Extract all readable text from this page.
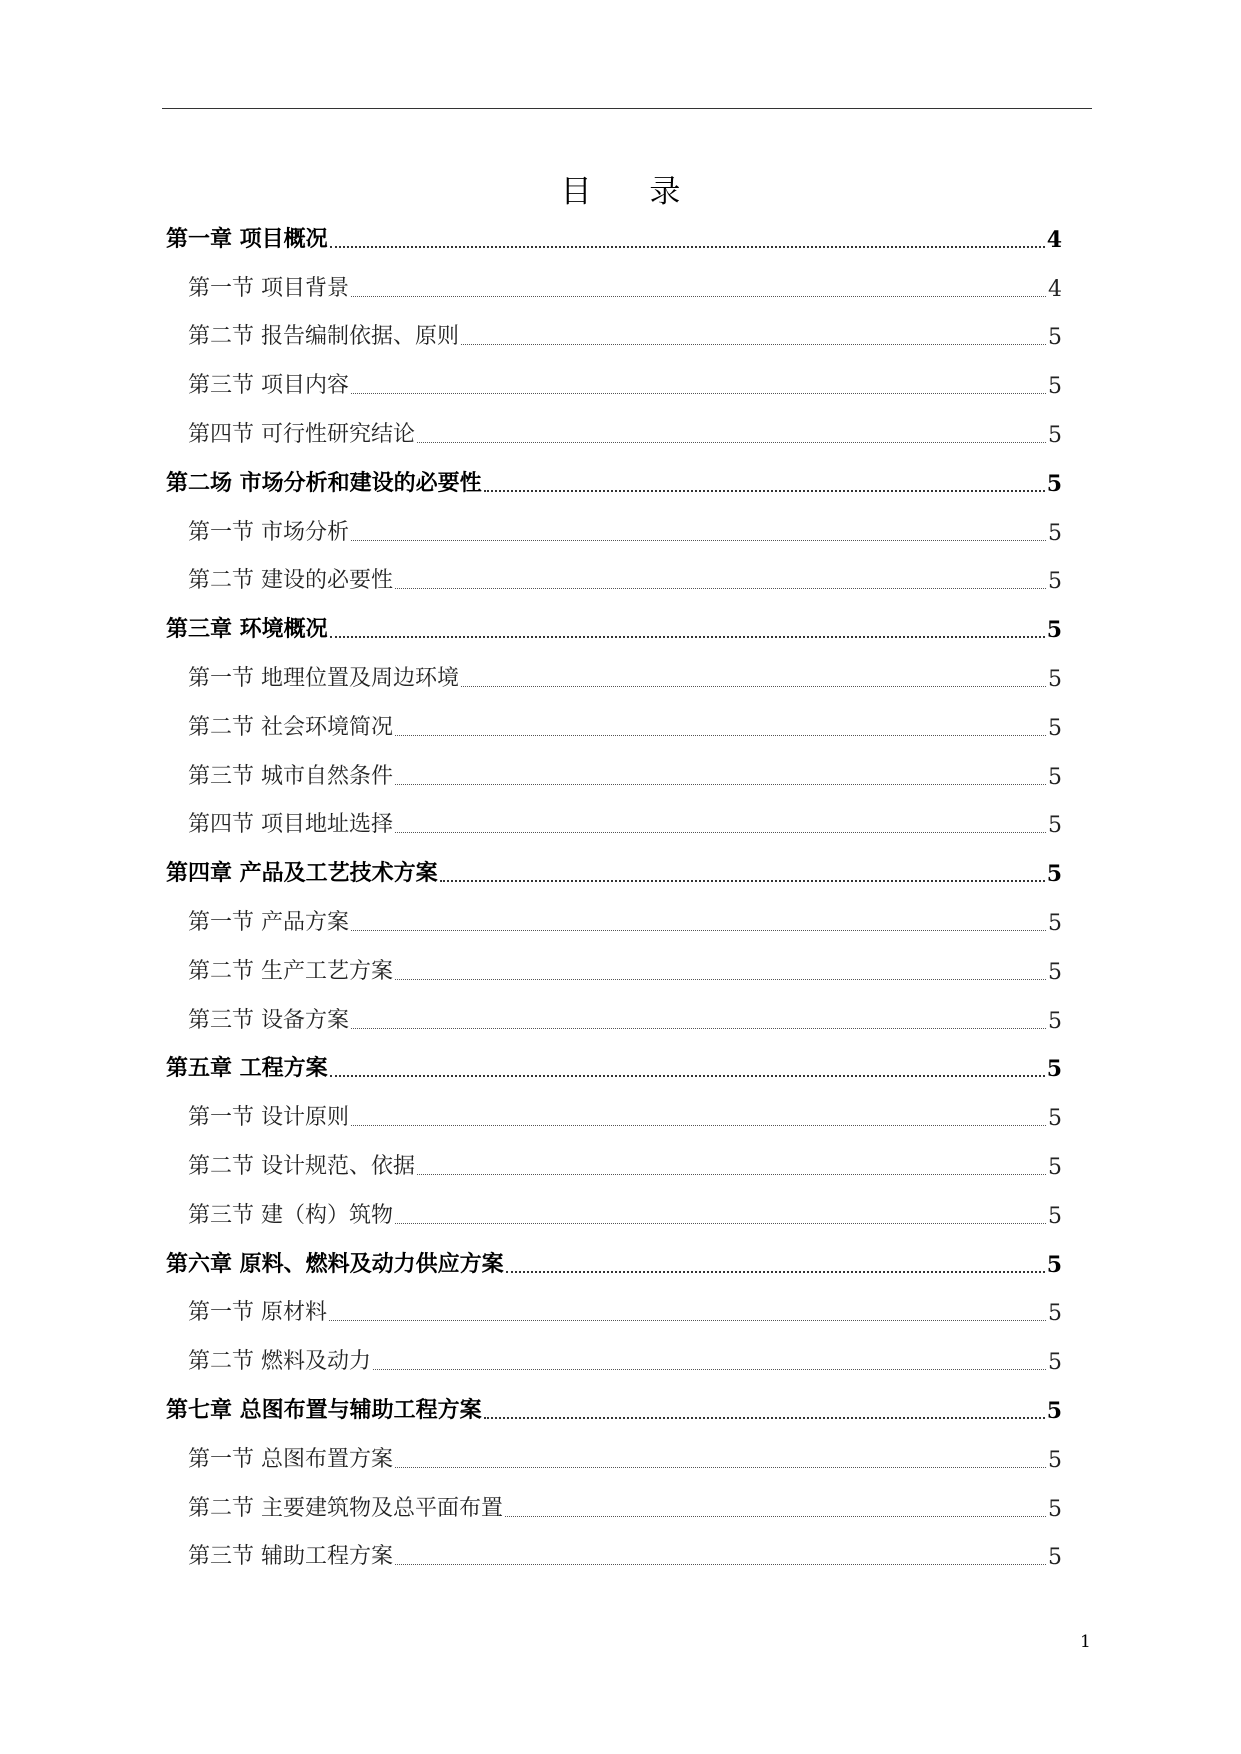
目 录
第一章 项目概况	4
第一节 项目背景	4
第二节 报告编制依据、原则	5
第三节 项目内容	5
第四节 可行性研究结论	5
第二场 市场分析和建设的必要性	5
第一节 市场分析	5
第二节 建设的必要性	5
第三章 环境概况	5
第一节 地理位置及周边环境	5
第二节 社会环境简况	5
第三节 城市自然条件	5
第四节 项目地址选择	5
第四章 产品及工艺技术方案	5
第一节 产品方案	5
第二节 生产工艺方案	5
第三节 设备方案	5
第五章 工程方案	5
第一节 设计原则	5
第二节 设计规范、依据	5
第三节 建（构）筑物	5
第六章 原料、燃料及动力供应方案	5
第一节 原材料	5
第二节 燃料及动力	5
第七章 总图布置与辅助工程方案	5
第一节 总图布置方案	5
第二节 主要建筑物及总平面布置	5
第三节 辅助工程方案	5
1
